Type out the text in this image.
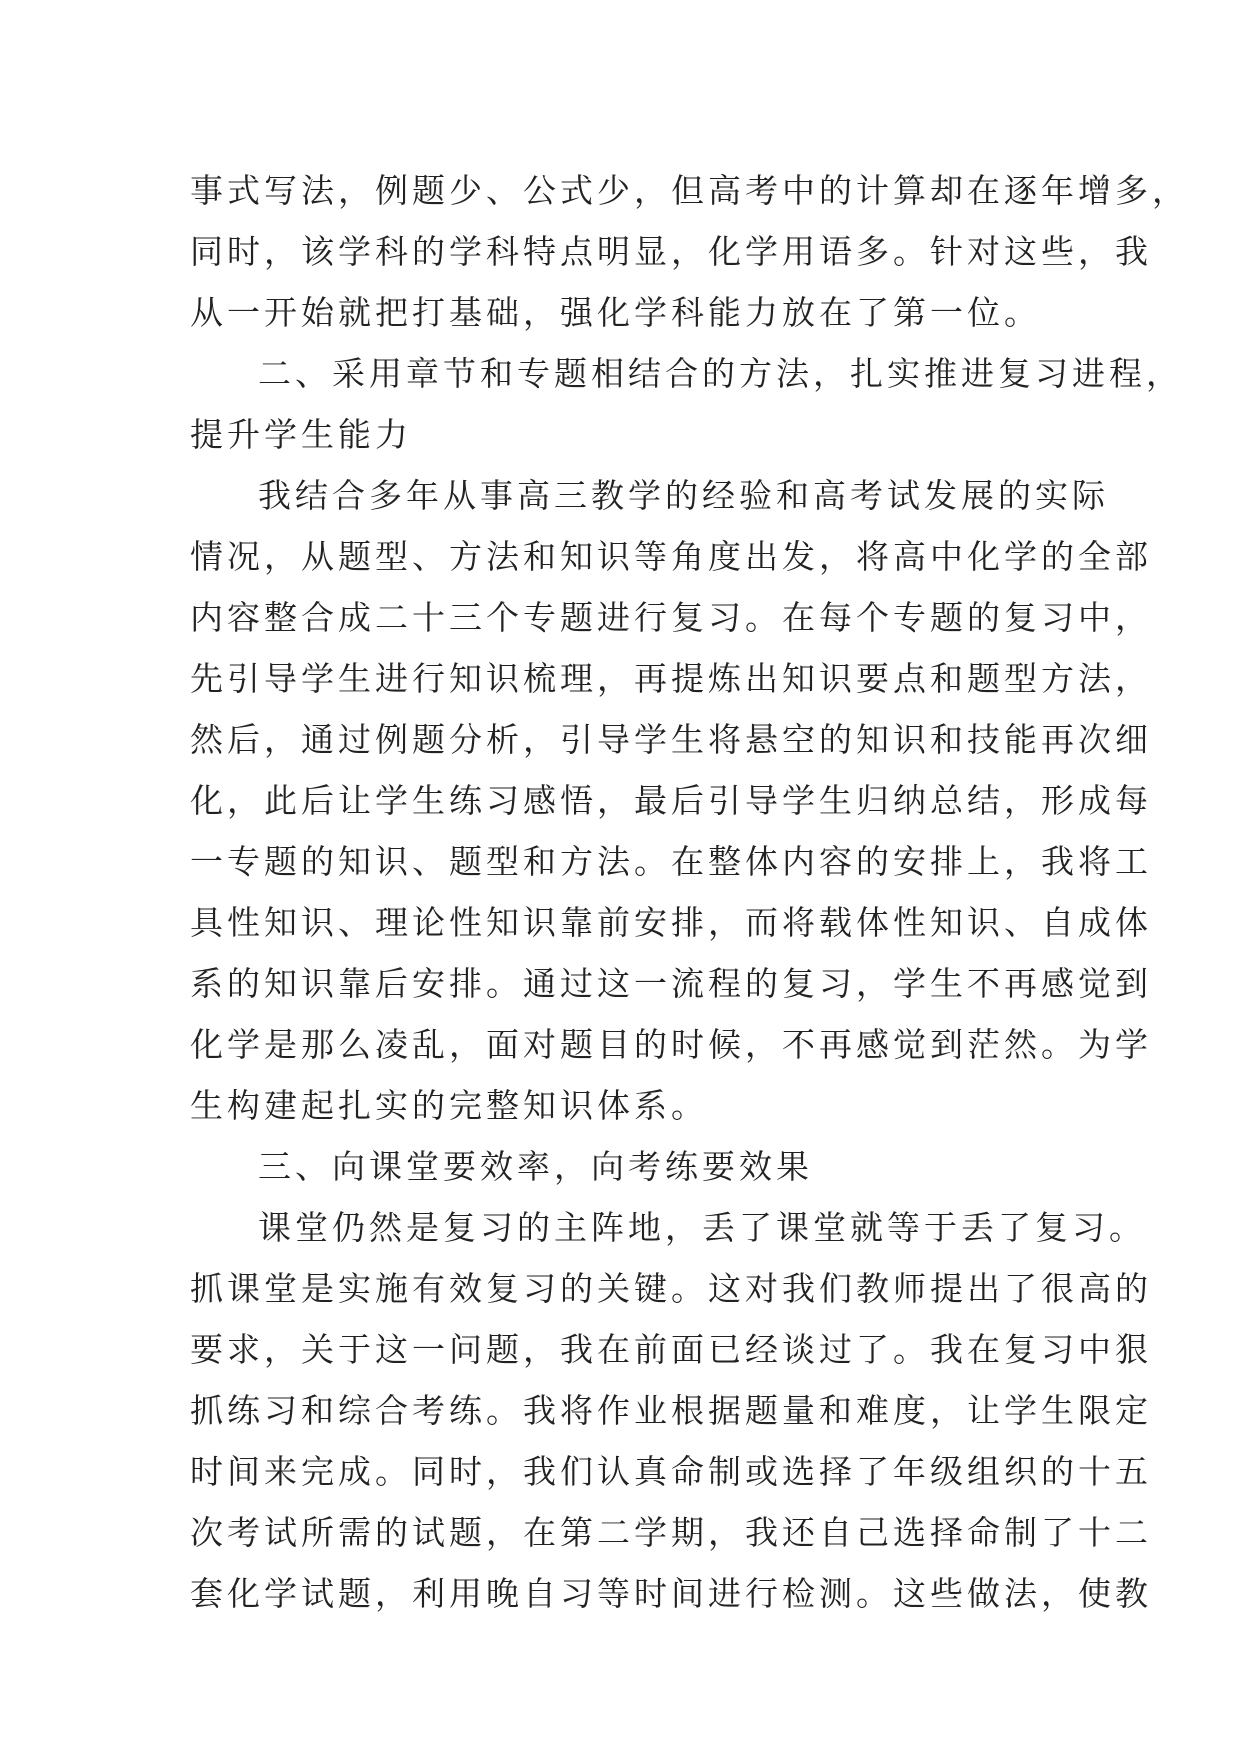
事式写法，例题少、公式少，但高考中的计算却在逐年增多，
同时，该学科的学科特点明显，化学用语多。针对这些，我
从一开始就把打基础，强化学科能力放在了第一位。
二、采用章节和专题相结合的方法，扎实推进复习进程，
提升学生能力
我结合多年从事高三教学的经验和高考试发展的实际
情况，从题型、方法和知识等角度出发，将高中化学的全部
内容整合成二十三个专题进行复习。在每个专题的复习中，
先引导学生进行知识梳理，再提炼出知识要点和题型方法，
然后，通过例题分析，引导学生将悬空的知识和技能再次细
化，此后让学生练习感悟，最后引导学生归纳总结，形成每
一专题的知识、题型和方法。在整体内容的安排上，我将工
具性知识、理论性知识靠前安排，而将载体性知识、自成体
系的知识靠后安排。通过这一流程的复习，学生不再感觉到
化学是那么凌乱，面对题目的时候，不再感觉到茫然。为学
生构建起扎实的完整知识体系。
三、向课堂要效率，向考练要效果
课堂仍然是复习的主阵地，丢了课堂就等于丢了复习。
抓课堂是实施有效复习的关键。这对我们教师提出了很高的
要求，关于这一问题，我在前面已经谈过了。我在复习中狠
抓练习和综合考练。我将作业根据题量和难度，让学生限定
时间来完成。同时，我们认真命制或选择了年级组织的十五
次考试所需的试题，在第二学期，我还自己选择命制了十二
套化学试题，利用晚自习等时间进行检测。这些做法，使教
